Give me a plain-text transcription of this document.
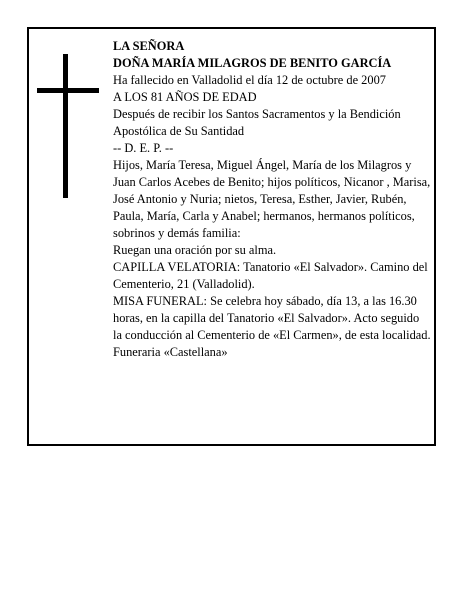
LA SEÑORA

DOÑA MARÍA MILAGROS DE BENITO GARCÍA

Ha fallecido en Valladolid el día 12 de octubre de 2007

A LOS 81 AÑOS DE EDAD

Después de recibir los Santos Sacramentos y la Bendición Apostólica de Su Santidad

-- D. E. P. --

Hijos, María Teresa, Miguel Ángel, María de los Milagros y Juan Carlos Acebes de Benito; hijos políticos, Nicanor , Marisa, José Antonio y Nuria; nietos, Teresa, Esther, Javier, Rubén, Paula, María, Carla y Anabel; hermanos, hermanos políticos, sobrinos y demás familia:

Ruegan una oración por su alma.

CAPILLA VELATORIA: Tanatorio «El Salvador». Camino del Cementerio, 21 (Valladolid).

MISA FUNERAL: Se celebra hoy sábado, día 13, a las 16.30 horas, en la capilla del Tanatorio «El Salvador». Acto seguido la conducción al Cementerio de «El Carmen», de esta localidad.

Funeraria «Castellana»
